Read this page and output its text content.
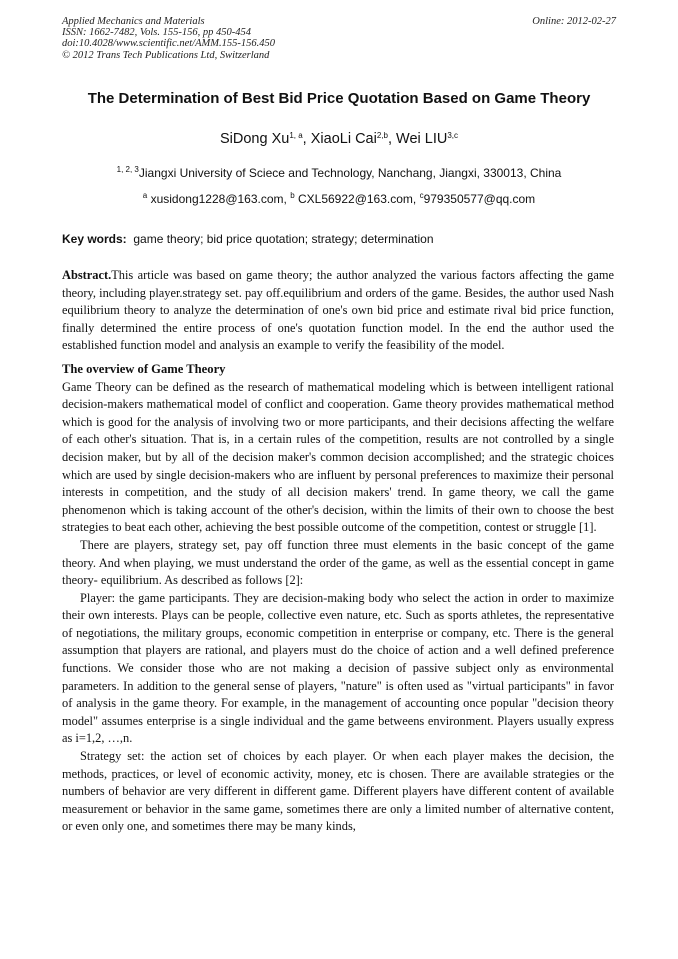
Applied Mechanics and Materials
ISSN: 1662-7482, Vols. 155-156, pp 450-454
doi:10.4028/www.scientific.net/AMM.155-156.450
© 2012 Trans Tech Publications Ltd, Switzerland
Online: 2012-02-27
The Determination of Best Bid Price Quotation Based on Game Theory
SiDong Xu$^{1, a}$, XiaoLi Cai$^{2,b}$, Wei LIU$^{3,c}$
$^{1, 2, 3}$Jiangxi University of Sciece and Technology, Nanchang, Jiangxi, 330013, China
$^a$ xusidong1228@163.com, $^b$ CXL56922@163.com, $^c$979350577@qq.com
Key words: game theory; bid price quotation; strategy; determination

Abstract.This article was based on game theory; the author analyzed the various factors affecting the game theory, including player.strategy set. pay off.equilibrium and orders of the game. Besides, the author used Nash equilibrium theory to analyze the determination of one's own bid price and estimate rival bid price function, finally determined the entire process of one's quotation function model. In the end the author used the established function model and analysis an example to verify the feasibility of the model.

The overview of Game Theory

Game Theory can be defined as the research of mathematical modeling which is between intelligent rational decision-makers mathematical model of conflict and cooperation. Game theory provides mathematical method which is good for the analysis of involving two or more participants, and their decisions affecting the welfare of each other's situation. That is, in a certain rules of the competition, results are not controlled by a single decision maker, but by all of the decision maker's common decision accomplished; and the strategic choices which are used by single decision-makers who are influent by personal preferences to maximize their personal interests in competition, and the study of all decision makers' trend. In game theory, we call the game phenomenon which is taking account of the other's decision, within the limits of their own to choose the best strategies to beat each other, achieving the best possible outcome of the competition, contest or struggle [1].

There are players, strategy set, pay off function three must elements in the basic concept of the game theory. And when playing, we must understand the order of the game, as well as the essential concept in game theory- equilibrium. As described as follows [2]:

Player: the game participants. They are decision-making body who select the action in order to maximize their own interests. Plays can be people, collective even nature, etc. Such as sports athletes, the representative of negotiations, the military groups, economic competition in enterprise or company, etc. There is the general assumption that players are rational, and players must do the choice of action and a well defined preference functions. We consider those who are not making a decision of passive subject only as environmental parameters. In addition to the general sense of players, "nature" is often used as "virtual participants" in favor of analysis in the game theory. For example, in the management of accounting once popular "decision theory model" assumes enterprise is a single individual and the game betweens environment. Players usually express as i=1,2, …,n.

Strategy set: the action set of choices by each player. Or when each player makes the decision, the methods, practices, or level of economic activity, money, etc is chosen. There are available strategies or the numbers of behavior are very different in different game. Different players have different content of available measurement or behavior in the same game, sometimes there are only a limited number of alternative content, or even only one, and sometimes there may be many kinds,
